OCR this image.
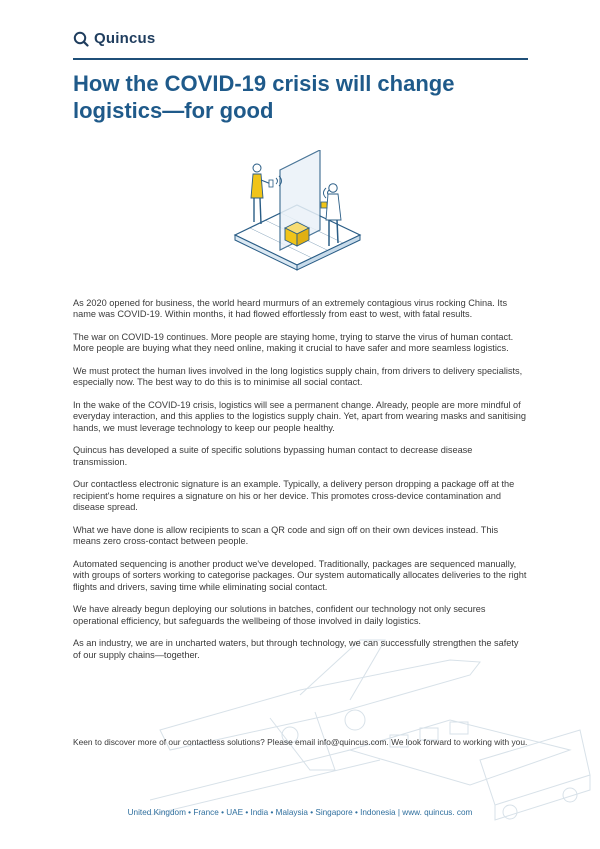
Quincus
How the COVID-19 crisis will change logistics—for good

As 2020 opened for business, the world heard murmurs of an extremely contagious virus rocking China. Its name was COVID-19. Within months, it had flowed effortlessly from east to west, with fatal results.

The war on COVID-19 continues. More people are staying home, trying to starve the virus of human contact. More people are buying what they need online, making it crucial to have safer and more seamless logistics.

We must protect the human lives involved in the long logistics supply chain, from drivers to delivery specialists, especially now. The best way to do this is to minimise all social contact.

In the wake of the COVID-19 crisis, logistics will see a permanent change. Already, people are more mindful of everyday interaction, and this applies to the logistics supply chain. Yet, apart from wearing masks and sanitising hands, we must leverage technology to keep our people healthy.

Quincus has developed a suite of specific solutions bypassing human contact to decrease disease transmission.

Our contactless electronic signature is an example. Typically, a delivery person dropping a package off at the recipient's home requires a signature on his or her device. This promotes cross-device contamination and disease spread.

What we have done is allow recipients to scan a QR code and sign off on their own devices instead. This means zero cross-contact between people.

Automated sequencing is another product we've developed. Traditionally, packages are sequenced manually, with groups of sorters working to categorise packages. Our system automatically allocates deliveries to the right flights and drivers, saving time while eliminating social contact.

We have already begun deploying our solutions in batches, confident our technology not only secures operational efficiency, but safeguards the wellbeing of those involved in daily logistics.

As an industry, we are in uncharted waters, but through technology, we can successfully strengthen the safety of our supply chains—together.

Keen to discover more of our contactless solutions? Please email info@quincus.com. We look forward to working with you.

United Kingdom • France • UAE • India • Malaysia • Singapore • Indonesia | www. quincus. com
